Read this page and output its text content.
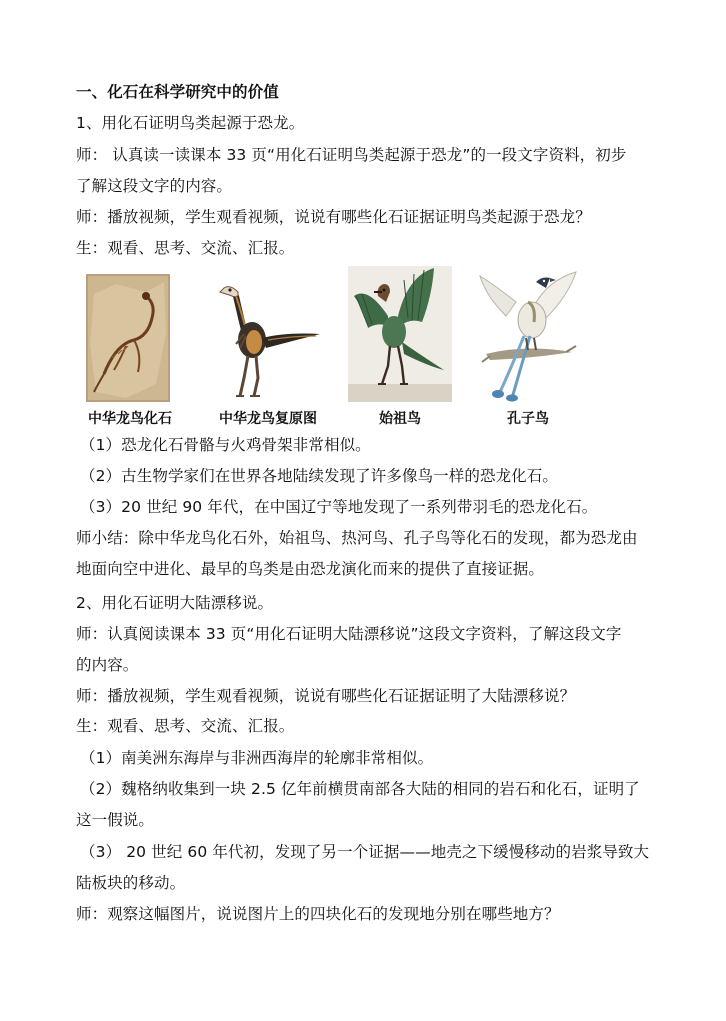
一、化石在科学研究中的价值
1、用化石证明鸟类起源于恐龙。
师： 认真读一读课本 33 页“用化石证明鸟类起源于恐龙”的一段文字资料，初步
了解这段文字的内容。
师：播放视频，学生观看视频，说说有哪些化石证据证明鸟类起源于恐龙？
生：观看、思考、交流、汇报。
中华龙鸟化石	中华龙鸟复原图	始祖鸟	孔子鸟
（1）恐龙化石骨骼与火鸡骨架非常相似。
（2）古生物学家们在世界各地陆续发现了许多像鸟一样的恐龙化石。
（3）20 世纪 90 年代，在中国辽宁等地发现了一系列带羽毛的恐龙化石。
师小结：除中华龙鸟化石外，始祖鸟、热河鸟、孔子鸟等化石的发现，都为恐龙由
地面向空中进化、最早的鸟类是由恐龙演化而来的提供了直接证据。
2、用化石证明大陆漂移说。
师：认真阅读课本 33 页“用化石证明大陆漂移说”这段文字资料，了解这段文字
的内容。
师：播放视频，学生观看视频，说说有哪些化石证据证明了大陆漂移说？
生：观看、思考、交流、汇报。
（1）南美洲东海岸与非洲西海岸的轮廓非常相似。
（2）魏格纳收集到一块 2.5 亿年前横贯南部各大陆的相同的岩石和化石，证明了
这一假说。
（3） 20 世纪 60 年代初，发现了另一个证据——地壳之下缓慢移动的岩浆导致大
陆板块的移动。
师：观察这幅图片，说说图片上的四块化石的发现地分别在哪些地方？
